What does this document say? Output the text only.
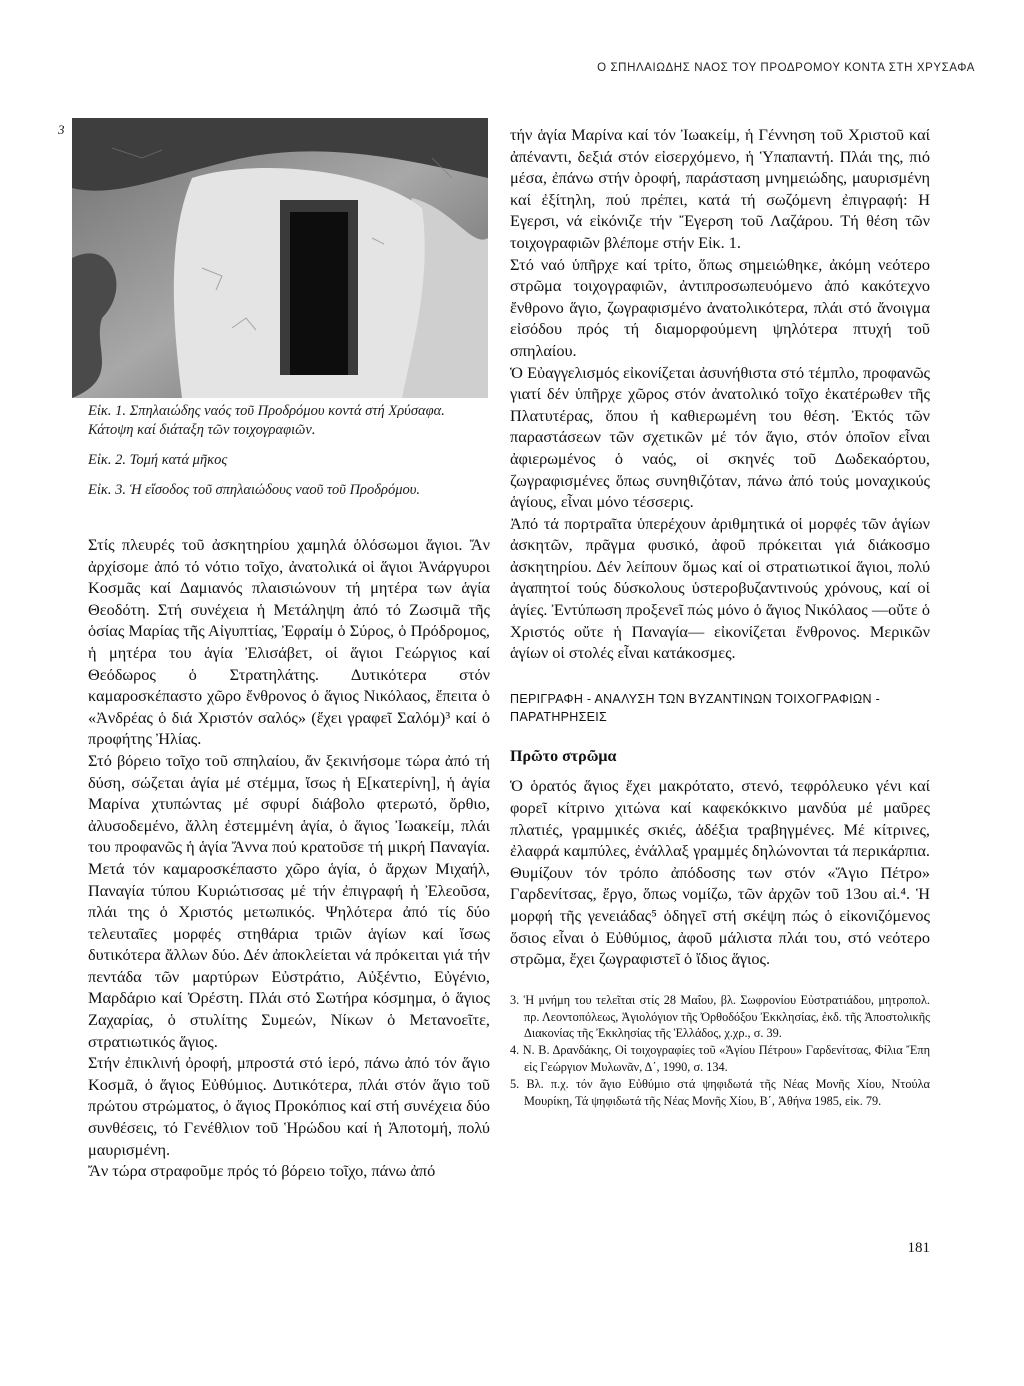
Ο ΣΠΗΛΑΙΩΔΗΣ ΝΑΟΣ ΤΟΥ ΠΡΟΔΡΟΜΟΥ ΚΟΝΤΑ ΣΤΗ ΧΡΥΣΑΦΑ
3

Εἰκ. 1. Σπηλαιώδης ναός τοῦ Προδρόμου κοντά στή Χρύσαφα. Κάτοψη καί διάταξη τῶν τοιχογραφιῶν.

Εἰκ. 2. Τομή κατά μῆκος

Εἰκ. 3. Ἡ εἴσοδος τοῦ σπηλαιώδους ναοῦ τοῦ Προδρόμου.

Στίς πλευρές τοῦ ἀσκητηρίου χαμηλά ὁλόσωμοι ἅγιοι. Ἄν ἀρχίσομε ἀπό τό νότιο τοῖχο, ἀνατολικά οἱ ἅγιοι Ἀνάργυροι Κοσμᾶς καί Δαμιανός πλαισιώνουν τή μητέρα των ἁγία Θεοδότη. Στή συνέχεια ἡ Μετάληψη ἀπό τό Ζωσιμᾶ τῆς ὁσίας Μαρίας τῆς Αἰγυπτίας, Ἐφραίμ ὁ Σύρος, ὁ Πρόδρομος, ἡ μητέρα του ἁγία Ἐλισάβετ, οἱ ἅγιοι Γεώργιος καί Θεόδωρος ὁ Στρατηλάτης. Δυτικότερα στόν καμαροσκέπαστο χῶρο ἔνθρονος ὁ ἅγιος Νικόλαος, ἔπειτα ὁ «Ἀνδρέας ὁ διά Χριστόν σαλός» (ἔχει γραφεῖ Σαλόμ)³ καί ὁ προφήτης Ἠλίας.

Στό βόρειο τοῖχο τοῦ σπηλαίου, ἄν ξεκινήσομε τώρα ἀπό τή δύση, σώζεται ἁγία μέ στέμμα, ἴσως ἡ Ε[κατερίνη], ἡ ἁγία Μαρίνα χτυπώντας μέ σφυρί διάβολο φτερωτό, ὄρθιο, ἀλυσοδεμένο, ἄλλη ἐστεμμένη ἁγία, ὁ ἅγιος Ἰωακείμ, πλάι του προφανῶς ἡ ἁγία Ἄννα πού κρατοῦσε τή μικρή Παναγία. Μετά τόν καμαροσκέπαστο χῶρο ἁγία, ὁ ἄρχων Μιχαήλ, Παναγία τύπου Κυριώτισσας μέ τήν ἐπιγραφή ἡ Ἐλεοῦσα, πλάι της ὁ Χριστός μετωπικός. Ψηλότερα ἀπό τίς δύο τελευταῖες μορφές στηθάρια τριῶν ἁγίων καί ἴσως δυτικότερα ἄλλων δύο. Δέν ἀποκλείεται νά πρόκειται γιά τήν πεντάδα τῶν μαρτύρων Εὐστράτιο, Αὐξέντιο, Εὐγένιο, Μαρδάριο καί Ὀρέστη. Πλάι στό Σωτήρα κόσμημα, ὁ ἅγιος Ζαχαρίας, ὁ στυλίτης Συμεών, Νίκων ὁ Μετανοεῖτε, στρατιωτικός ἅγιος.

Στήν ἐπικλινή ὀροφή, μπροστά στό ἱερό, πάνω ἀπό τόν ἅγιο Κοσμᾶ, ὁ ἅγιος Εὐθύμιος. Δυτικότερα, πλάι στόν ἅγιο τοῦ πρώτου στρώματος, ὁ ἅγιος Προκόπιος καί στή συνέχεια δύο συνθέσεις, τό Γενέθλιον τοῦ Ἡρώδου καί ἡ Ἀποτομή, πολύ μαυρισμένη.

Ἄν τώρα στραφοῦμε πρός τό βόρειο τοῖχο, πάνω ἀπό

τήν ἁγία Μαρίνα καί τόν Ἰωακείμ, ἡ Γέννηση τοῦ Χριστοῦ καί ἀπέναντι, δεξιά στόν εἰσερχόμενο, ἡ Ὑπαπαντή. Πλάι της, πιό μέσα, ἐπάνω στήν ὀροφή, παράσταση μνημειώδης, μαυρισμένη καί ἐξίτηλη, πού πρέπει, κατά τή σωζόμενη ἐπιγραφή: Η Εγερσι, νά εἰκόνιζε τήν Ἔγερση τοῦ Λαζάρου. Τή θέση τῶν τοιχογραφιῶν βλέπομε στήν Εἰκ. 1.

Στό ναό ὑπῆρχε καί τρίτο, ὅπως σημειώθηκε, ἀκόμη νεότερο στρῶμα τοιχογραφιῶν, ἀντιπροσωπευόμενο ἀπό κακότεχνο ἔνθρονο ἅγιο, ζωγραφισμένο ἀνατολικότερα, πλάι στό ἄνοιγμα εἰσόδου πρός τή διαμορφούμενη ψηλότερα πτυχή τοῦ σπηλαίου.

Ὁ Εὐαγγελισμός εἰκονίζεται ἀσυνήθιστα στό τέμπλο, προφανῶς γιατί δέν ὑπῆρχε χῶρος στόν ἀνατολικό τοῖχο ἑκατέρωθεν τῆς Πλατυτέρας, ὅπου ἡ καθιερωμένη του θέση. Ἐκτός τῶν παραστάσεων τῶν σχετικῶν μέ τόν ἅγιο, στόν ὁποῖον εἶναι ἀφιερωμένος ὁ ναός, οἱ σκηνές τοῦ Δωδεκαόρτου, ζωγραφισμένες ὅπως συνηθιζόταν, πάνω ἀπό τούς μοναχικούς ἁγίους, εἶναι μόνο τέσσερις.

Ἀπό τά πορτραῖτα ὑπερέχουν ἀριθμητικά οἱ μορφές τῶν ἁγίων ἀσκητῶν, πρᾶγμα φυσικό, ἀφοῦ πρόκειται γιά διάκοσμο ἀσκητηρίου. Δέν λείπουν ὅμως καί οἱ στρατιωτικοί ἅγιοι, πολύ ἀγαπητοί τούς δύσκολους ὑστεροβυζαντινούς χρόνους, καί οἱ ἁγίες. Ἐντύπωση προξενεῖ πώς μόνο ὁ ἅγιος Νικόλαος —οὔτε ὁ Χριστός οὔτε ἡ Παναγία— εἰκονίζεται ἔνθρονος. Μερικῶν ἁγίων οἱ στολές εἶναι κατάκοσμες.

ΠΕΡΙΓΡΑΦΗ - ΑΝΑΛΥΣΗ ΤΩΝ ΒΥΖΑΝΤΙΝΩΝ ΤΟΙΧΟΓΡΑΦΙΩΝ - ΠΑΡΑΤΗΡΗΣΕΙΣ

Πρῶτο στρῶμα

Ὁ ὁρατός ἅγιος ἔχει μακρότατο, στενό, τεφρόλευκο γένι καί φορεῖ κίτρινο χιτώνα καί καφεκόκκινο μανδύα μέ μαῦρες πλατιές, γραμμικές σκιές, ἀδέξια τραβηγμένες. Μέ κίτρινες, ἐλαφρά καμπύλες, ἐνάλλαξ γραμμές δηλώνονται τά περικάρπια. Θυμίζουν τόν τρόπο ἀπόδοσης των στόν «Ἅγιο Πέτρο» Γαρδενίτσας, ἔργο, ὅπως νομίζω, τῶν ἀρχῶν τοῦ 13ου αἰ.⁴. Ἡ μορφή τῆς γενειάδας⁵ ὁδηγεῖ στή σκέψη πώς ὁ εἰκονιζόμενος ὅσιος εἶναι ὁ Εὐθύμιος, ἀφοῦ μάλιστα πλάι του, στό νεότερο στρῶμα, ἔχει ζωγραφιστεῖ ὁ ἴδιος ἅγιος.

3. Ἡ μνήμη του τελεῖται στίς 28 Μαΐου, βλ. Σωφρονίου Εὐστρατιάδου, μητροπολ. πρ. Λεοντοπόλεως, Ἁγιολόγιον τῆς Ὀρθοδόξου Ἐκκλησίας, ἐκδ. τῆς Ἀποστολικῆς Διακονίας τῆς Ἐκκλησίας τῆς Ἑλλάδος, χ.χρ., σ. 39.

4. Ν. Β. Δρανδάκης, Οἱ τοιχογραφίες τοῦ «Ἁγίου Πέτρου» Γαρδενίτσας, Φίλια Ἔπη εἰς Γεώργιον Μυλωνᾶν, Δ΄, 1990, σ. 134.

5. Βλ. π.χ. τόν ἅγιο Εὐθύμιο στά ψηφιδωτά τῆς Νέας Μονῆς Χίου, Ντούλα Μουρίκη, Τά ψηφιδωτά τῆς Νέας Μονῆς Χίου, Β΄, Ἀθήνα 1985, εἰκ. 79.

181
